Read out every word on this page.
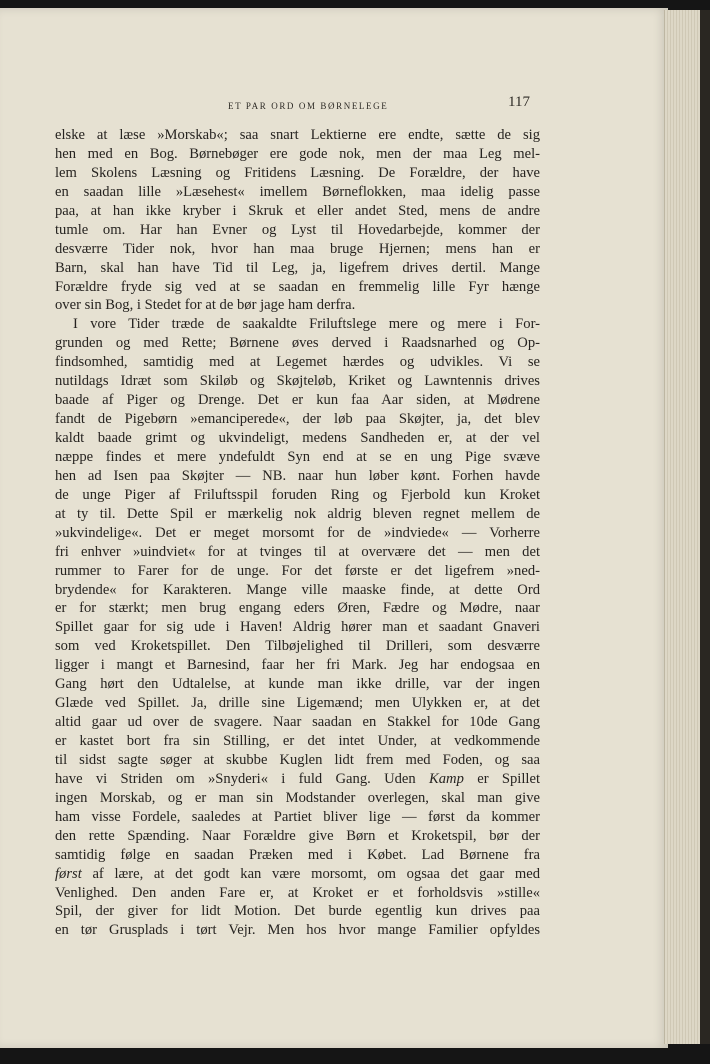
ET PAR ORD OM BØRNELEGE	117
elske at læse »Morskab«; saa snart Lektierne ere endte, sætte de sig
hen med en Bog. Børnebøger ere gode nok, men der maa Leg mel-
lem Skolens Læsning og Fritidens Læsning. De Forældre, der have
en saadan lille »Læsehest« imellem Børneflokken, maa idelig passe
paa, at han ikke kryber i Skruk et eller andet Sted, mens de andre
tumle om. Har han Evner og Lyst til Hovedarbejde, kommer der
desværre Tider nok, hvor han maa bruge Hjernen; mens han er
Barn, skal han have Tid til Leg, ja, ligefrem drives dertil. Mange
Forældre fryde sig ved at se saadan en fremmelig lille Fyr hænge
over sin Bog, i Stedet for at de bør jage ham derfra.
I vore Tider træde de saakaldte Friluftslege mere og mere i For-
grunden og med Rette; Børnene øves derved i Raadsnarhed og Op-
findsomhed, samtidig med at Legemet hærdes og udvikles. Vi se
nutildags Idræt som Skiløb og Skøjteløb, Kriket og Lawntennis drives
baade af Piger og Drenge. Det er kun faa Aar siden, at Mødrene
fandt de Pigebørn »emanciperede«, der løb paa Skøjter, ja, det blev
kaldt baade grimt og ukvindeligt, medens Sandheden er, at der vel
næppe findes et mere yndefuldt Syn end at se en ung Pige svæve
hen ad Isen paa Skøjter — NB. naar hun løber kønt. Forhen havde
de unge Piger af Friluftsspil foruden Ring og Fjerbold kun Kroket
at ty til. Dette Spil er mærkelig nok aldrig bleven regnet mellem de
»ukvindelige«. Det er meget morsomt for de »indviede« — Vorherre
fri enhver »uindviet« for at tvinges til at overvære det — men det
rummer to Farer for de unge. For det første er det ligefrem »ned-
brydende« for Karakteren. Mange ville maaske finde, at dette Ord
er for stærkt; men brug engang eders Øren, Fædre og Mødre, naar
Spillet gaar for sig ude i Haven! Aldrig hører man et saadant Gnaveri
som ved Kroketspillet. Den Tilbøjelighed til Drilleri, som desværre
ligger i mangt et Barnesind, faar her fri Mark. Jeg har endogsaa en
Gang hørt den Udtalelse, at kunde man ikke drille, var der ingen
Glæde ved Spillet. Ja, drille sine Ligemænd; men Ulykken er, at det
altid gaar ud over de svagere. Naar saadan en Stakkel for 10de Gang
er kastet bort fra sin Stilling, er det intet Under, at vedkommende
til sidst sagte søger at skubbe Kuglen lidt frem med Foden, og saa
have vi Striden om »Snyderi« i fuld Gang. Uden Kamp er Spillet
ingen Morskab, og er man sin Modstander overlegen, skal man give
ham visse Fordele, saaledes at Partiet bliver lige — først da kommer
den rette Spænding. Naar Forældre give Børn et Kroketspil, bør der
samtidig følge en saadan Præken med i Købet. Lad Børnene fra
først af lære, at det godt kan være morsomt, om ogsaa det gaar med
Venlighed. Den anden Fare er, at Kroket er et forholdsvis »stille«
Spil, der giver for lidt Motion. Det burde egentlig kun drives paa
en tør Grusplads i tørt Vejr. Men hos hvor mange Familier opfyldes
